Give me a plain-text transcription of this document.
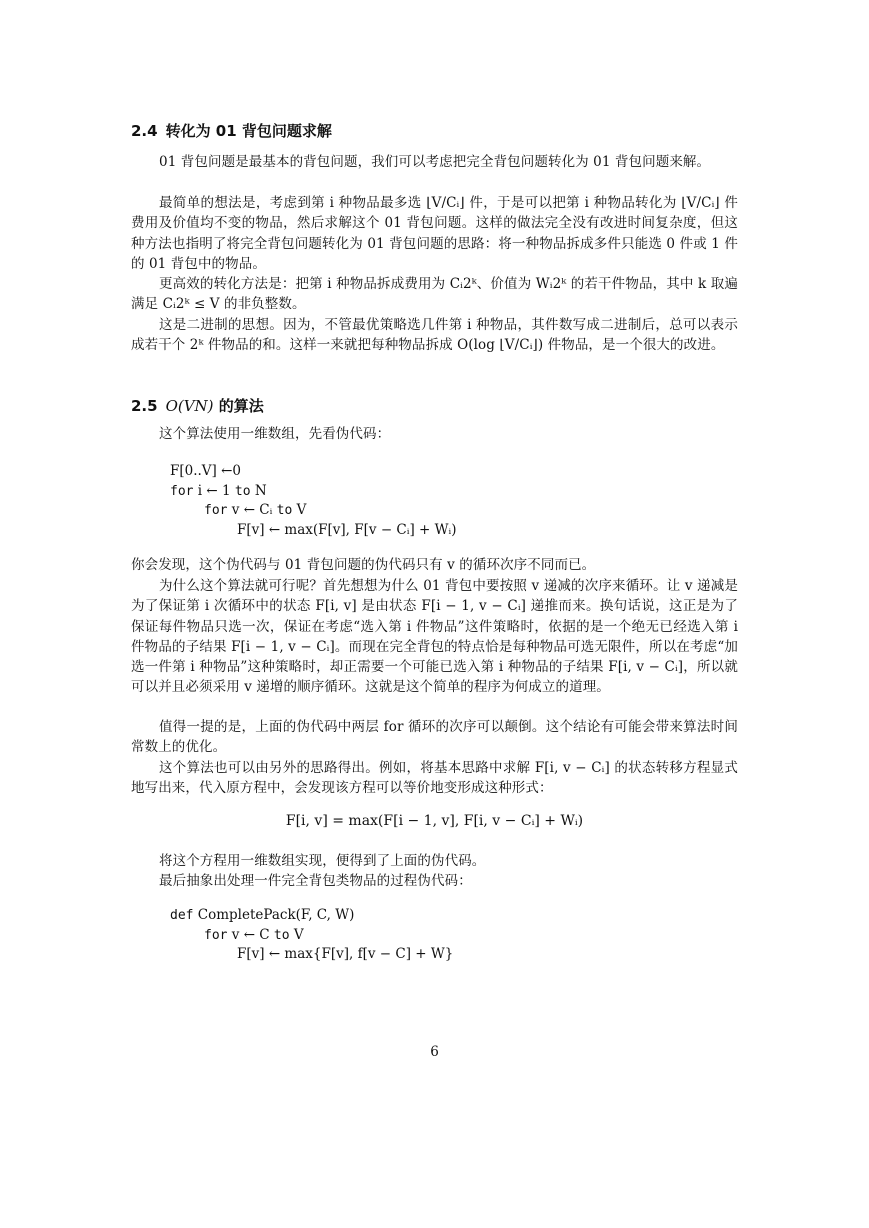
2.4 转化为 01 背包问题求解

01 背包问题是最基本的背包问题，我们可以考虑把完全背包问题转化为 01 背包问题来解。

最简单的想法是，考虑到第 i 种物品最多选 ⌊V/Cᵢ⌋ 件，于是可以把第 i 种物品转化为 ⌊V/Cᵢ⌋ 件费用及价值均不变的物品，然后求解这个 01 背包问题。这样的做法完全没有改进时间复杂度，但这种方法也指明了将完全背包问题转化为 01 背包问题的思路：将一种物品拆成多件只能选 0 件或 1 件的 01 背包中的物品。

更高效的转化方法是：把第 i 种物品拆成费用为 Cᵢ2ᵏ、价值为 Wᵢ2ᵏ 的若干件物品，其中 k 取遍满足 Cᵢ2ᵏ ≤ V 的非负整数。

这是二进制的思想。因为，不管最优策略选几件第 i 种物品，其件数写成二进制后，总可以表示成若干个 2ᵏ 件物品的和。这样一来就把每种物品拆成 O(log ⌊V/Cᵢ⌋) 件物品，是一个很大的改进。

2.5 O(VN) 的算法

这个算法使用一维数组，先看伪代码：

F[0..V] ←0
for i ← 1 to N
for v ← Cᵢ to V
F[v] ← max(F[v], F[v − Cᵢ] + Wᵢ)

你会发现，这个伪代码与 01 背包问题的伪代码只有 v 的循环次序不同而已。

为什么这个算法就可行呢？首先想想为什么 01 背包中要按照 v 递减的次序来循环。让 v 递减是为了保证第 i 次循环中的状态 F[i, v] 是由状态 F[i − 1, v − Cᵢ] 递推而来。换句话说，这正是为了保证每件物品只选一次，保证在考虑“选入第 i 件物品”这件策略时，依据的是一个绝无已经选入第 i 件物品的子结果 F[i − 1, v − Cᵢ]。而现在完全背包的特点恰是每种物品可选无限件，所以在考虑“加选一件第 i 种物品”这种策略时，却正需要一个可能已选入第 i 种物品的子结果 F[i, v − Cᵢ]，所以就可以并且必须采用 v 递增的顺序循环。这就是这个简单的程序为何成立的道理。

值得一提的是，上面的伪代码中两层 for 循环的次序可以颠倒。这个结论有可能会带来算法时间常数上的优化。

这个算法也可以由另外的思路得出。例如，将基本思路中求解 F[i, v − Cᵢ] 的状态转移方程显式地写出来，代入原方程中，会发现该方程可以等价地变形成这种形式：

F[i, v] = max(F[i − 1, v], F[i, v − Cᵢ] + Wᵢ)

将这个方程用一维数组实现，便得到了上面的伪代码。

最后抽象出处理一件完全背包类物品的过程伪代码：

def CompletePack(F, C, W)
for v ← C to V
F[v] ← max{F[v], f[v − C] + W}

6
